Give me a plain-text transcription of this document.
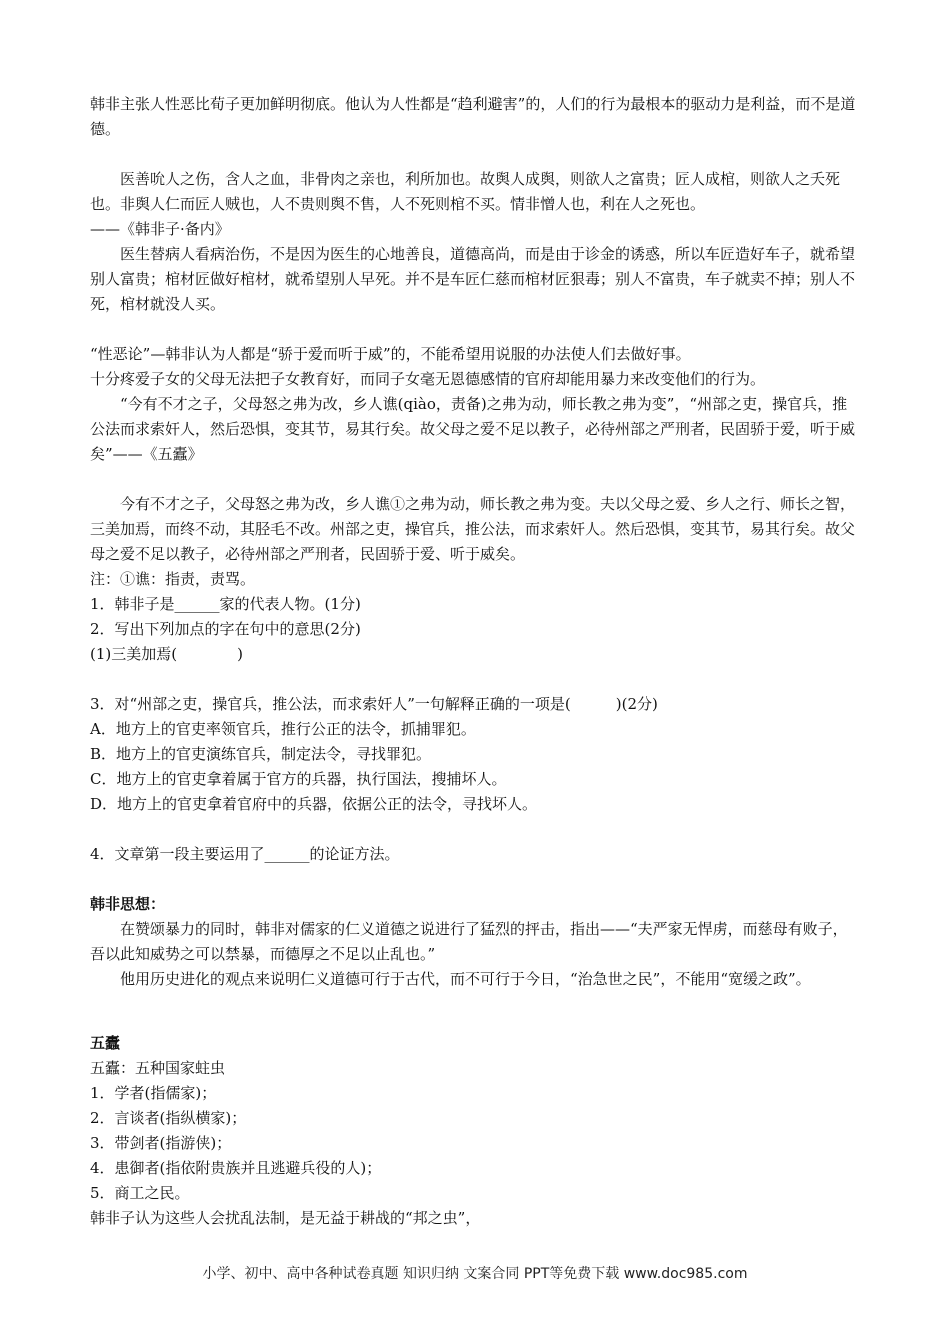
韩非主张人性恶比荀子更加鲜明彻底。他认为人性都是“趋利避害”的，人们的行为最根本的驱动力是利益，而不是道德。

医善吮人之伤，含人之血，非骨肉之亲也，利所加也。故舆人成舆，则欲人之富贵；匠人成棺，则欲人之夭死也。非舆人仁而匠人贼也，人不贵则舆不售，人不死则棺不买。情非憎人也，利在人之死也。

——《韩非子·备内》

医生替病人看病治伤，不是因为医生的心地善良，道德高尚，而是由于诊金的诱惑，所以车匠造好车子，就希望别人富贵；棺材匠做好棺材，就希望别人早死。并不是车匠仁慈而棺材匠狠毒；别人不富贵，车子就卖不掉；别人不死，棺材就没人买。

“性恶论”—韩非认为人都是“骄于爱而听于威”的，不能希望用说服的办法使人们去做好事。

十分疼爱子女的父母无法把子女教育好，而同子女毫无恩德感情的官府却能用暴力来改变他们的行为。

“今有不才之子，父母怒之弗为改，乡人谯(qiào，责备)之弗为动，师长教之弗为变”，“州部之吏，操官兵，推公法而求索奸人，然后恐惧，变其节，易其行矣。故父母之爱不足以教子，必待州部之严刑者，民固骄于爱，听于威矣”——《五蠹》

今有不才之子，父母怒之弗为改，乡人谯①之弗为动，师长教之弗为变。夫以父母之爱、乡人之行、师长之智，三美加焉，而终不动，其胫毛不改。州部之吏，操官兵，推公法，而求索奸人。然后恐惧，变其节，易其行矣。故父母之爱不足以教子，必待州部之严刑者，民固骄于爱、听于威矣。

注：①谯：指责，责骂。

1．韩非子是______家的代表人物。(1分)

2．写出下列加点的字在句中的意思(2分)

(1)三美加焉(　　　　)

3．对“州部之吏，操官兵，推公法，而求索奸人”一句解释正确的一项是(　　　)(2分)

A．地方上的官吏率领官兵，推行公正的法令，抓捕罪犯。

B．地方上的官吏演练官兵，制定法令，寻找罪犯。

C．地方上的官吏拿着属于官方的兵器，执行国法，搜捕坏人。

D．地方上的官吏拿着官府中的兵器，依据公正的法令，寻找坏人。

4．文章第一段主要运用了______的论证方法。

韩非思想：

在赞颂暴力的同时，韩非对儒家的仁义道德之说进行了猛烈的抨击，指出——“夫严家无悍虏，而慈母有败子，吾以此知威势之可以禁暴，而德厚之不足以止乱也。”

他用历史进化的观点来说明仁义道德可行于古代，而不可行于今日，“治急世之民”，不能用“宽缓之政”。

五蠹

五蠹：五种国家蛀虫

1．学者(指儒家)；

2．言谈者(指纵横家)；

3．带剑者(指游侠)；

4．患御者(指依附贵族并且逃避兵役的人)；

5．商工之民。

韩非子认为这些人会扰乱法制，是无益于耕战的“邦之虫”，

小学、初中、高中各种试卷真题 知识归纳 文案合同 PPT等免费下载 www.doc985.com
